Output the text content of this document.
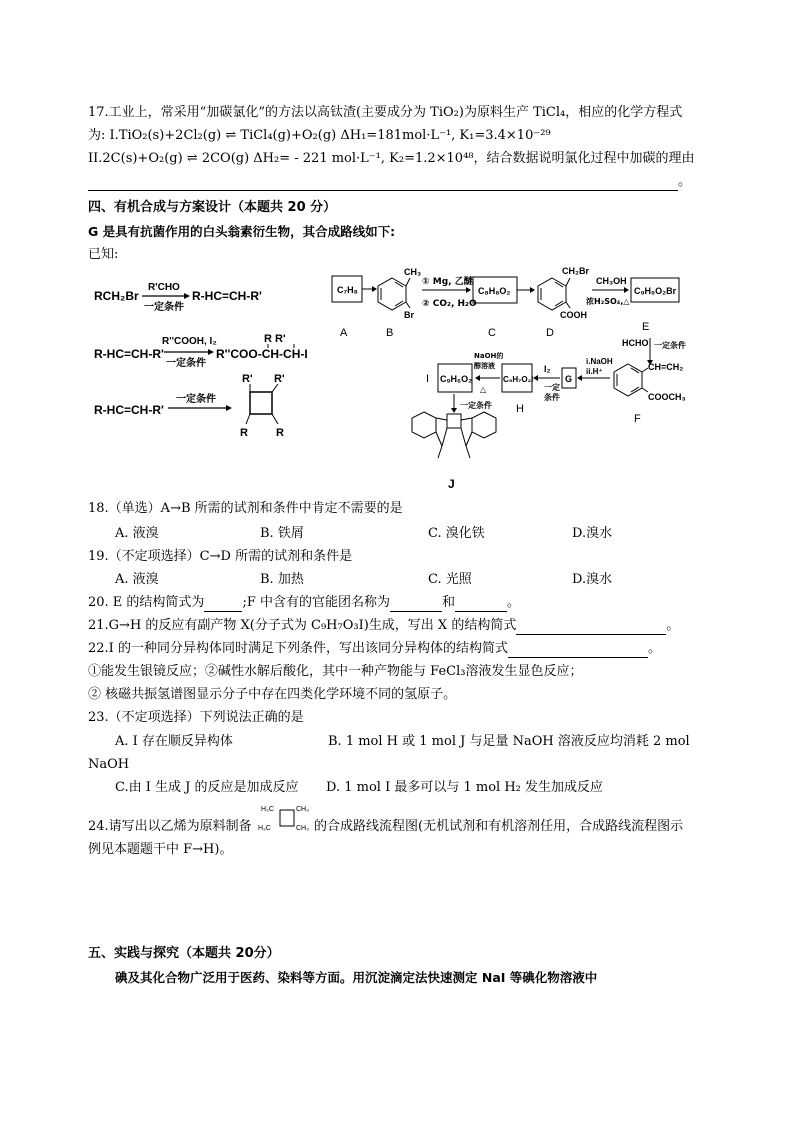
17.工业上，常采用“加碳氯化”的方法以高钛渣(主要成分为 TiO₂)为原料生产 TiCl₄，相应的化学方程式
为: I.TiO₂(s)+2Cl₂(g) ⇌ TiCl₄(g)+O₂(g) ΔH₁=181mol·L⁻¹, K₁=3.4×10⁻²⁹
II.2C(s)+O₂(g) ⇌ 2CO(g) ΔH₂= - 221 mol·L⁻¹, K₂=1.2×10⁴⁸，结合数据说明氯化过程中加碳的理由
。
四、有机合成与方案设计（本题共 20 分）
G 是具有抗菌作用的白头翁素衍生物，其合成路线如下:
已知:
RCH₂Br
R'CHO
一定条件
R-HC=CH-R'
R-HC=CH-R'
R''COOH, I₂
一定条件
R R'
R''COO-CH-CH-I
R-HC=CH-R'
一定条件
R' R'
R	R
C₇H₈
A
CH₃
Br
B
① Mg, 乙醚
② CO₂, H₂O
C₈H₈O₂
C
CH₂Br
COOH
D
CH₃OH
浓H₂SO₄,△
C₉H₉O₂Br
E
HCHO 一定条件
CH=CH₂
COOCH₃
F
i.NaOH
ii.H⁺
G
I₂
一定
条件
C₉H₇O₂I
H
NaOH的
醇溶液
△
C₉H₆O₂
I
一定条件
J
18.（单选）A→B 所需的试剂和条件中肯定不需要的是
A. 液溴	B. 铁屑	C. 溴化铁	D.溴水
19.（不定项选择）C→D 所需的试剂和条件是
A. 液溴	B. 加热	C. 光照	D.溴水
20. E 的结构简式为	;F 中含有的官能团名称为	和	。
21.G→H 的反应有副产物 X(分子式为 C₉H₇O₃I)生成，写出 X 的结构简式	。
22.I 的一种同分异构体同时满足下列条件，写出该同分异构体的结构简式	。
①能发生银镜反应；②碱性水解后酸化，其中一种产物能与 FeCl₃溶液发生显色反应；
② 核磁共振氢谱图显示分子中存在四类化学环境不同的氢原子。
23.（不定项选择）下列说法正确的是
A. I 存在顺反异构体	B. 1 mol H 或 1 mol J 与足量 NaOH 溶液反应均消耗 2 mol
NaOH
C.由 I 生成 J 的反应是加成反应 D. 1 mol I 最多可以与 1 mol H₂ 发生加成反应
24.请写出以乙烯为原料制备
H₃C	CH₃
H₃C	CH₃ 的合成路线流程图(无机试剂和有机溶剂任用，合成路线流程图示
例见本题题干中 F→H)。
五、实践与探究（本题共 20分）
碘及其化合物广泛用于医药、染料等方面。用沉淀滴定法快速测定 NaI 等碘化物溶液中
